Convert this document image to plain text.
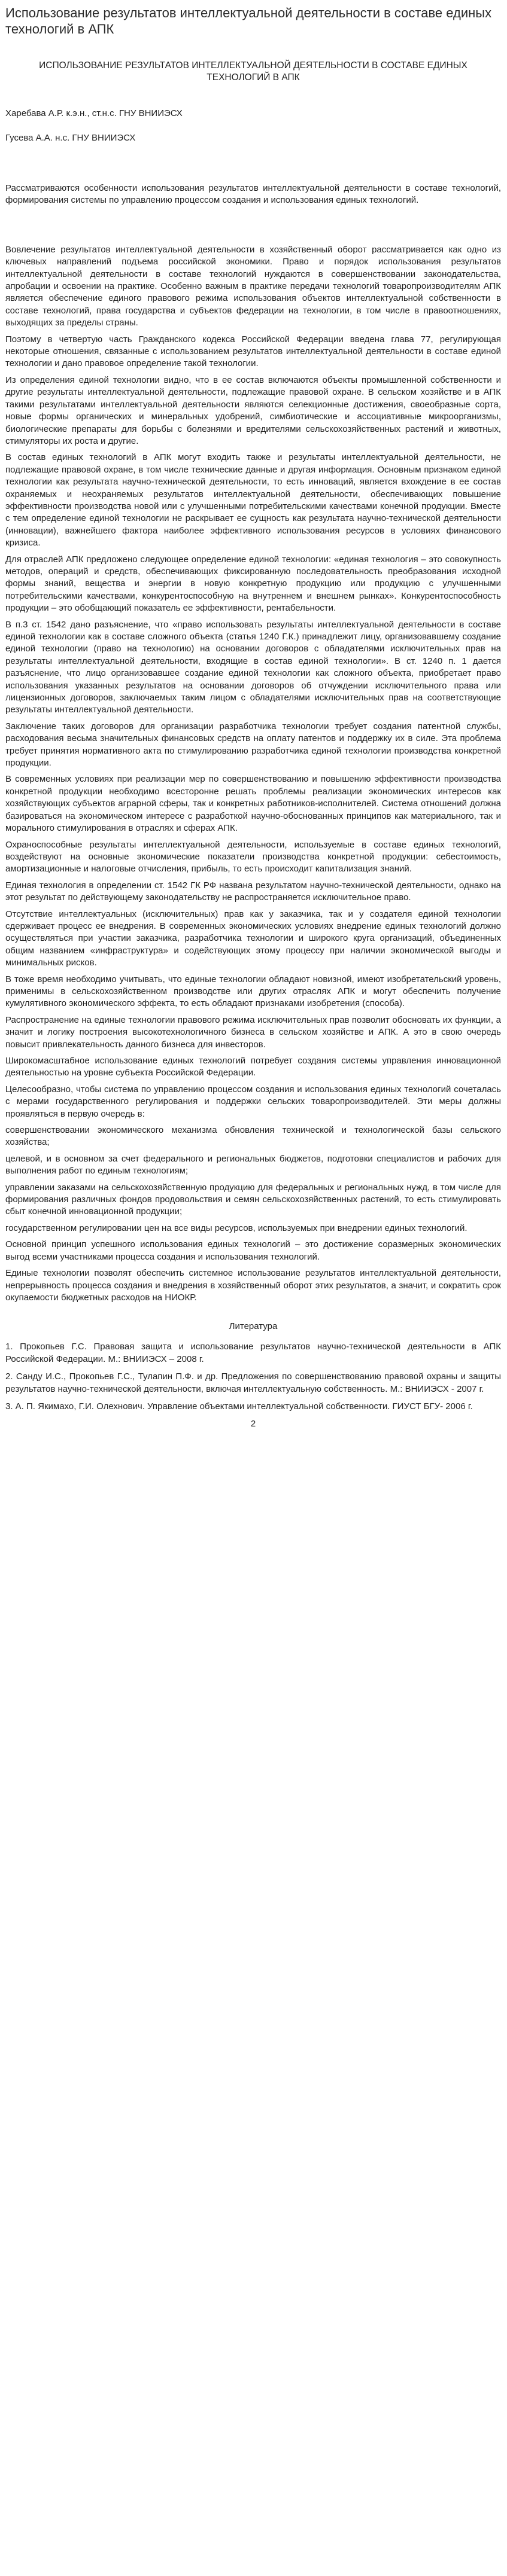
Использование результатов интеллектуальной деятельности в составе единых технологий в АПК
ИСПОЛЬЗОВАНИЕ РЕЗУЛЬТАТОВ ИНТЕЛЛЕКТУАЛЬНОЙ ДЕЯТЕЛЬНОСТИ В СОСТАВЕ ЕДИНЫХ ТЕХНОЛОГИЙ В АПК
Харебава А.Р. к.э.н., ст.н.с. ГНУ ВНИИЭСХ
Гусева А.А. н.с. ГНУ ВНИИЭСХ
Рассматриваются особенности использования результатов интеллектуальной деятельности в составе технологий, формирования системы по управлению процессом создания и использования единых технологий.
Вовлечение результатов интеллектуальной деятельности в хозяйственный оборот рассматривается как одно из ключевых направлений подъема российской экономики. Право и порядок использования результатов интеллектуальной деятельности в составе технологий нуждаются в совершенствовании законодательства, апробации и освоении на практике. Особенно важным в практике передачи технологий товаропроизводителям АПК является обеспечение единого правового режима использования объектов интеллектуальной собственности в составе технологий, права государства и субъектов федерации на технологии, в том числе в правоотношениях, выходящих за пределы страны.
Поэтому в четвертую часть Гражданского кодекса Российской Федерации введена глава 77, регулирующая некоторые отношения, связанные с использованием результатов интеллектуальной деятельности в составе единой технологии и дано правовое определение такой технологии.
Из определения единой технологии видно, что в ее состав включаются объекты промышленной собственности и другие результаты интеллектуальной деятельности, подлежащие правовой охране. В сельском хозяйстве и в АПК такими результатами интеллектуальной деятельности являются селекционные достижения, своеобразные сорта, новые формы органических и минеральных удобрений, симбиотические и ассоциативные микроорганизмы, биологические препараты для борьбы с болезнями и вредителями сельскохозяйственных растений и животных, стимуляторы их роста и другие.
В состав единых технологий в АПК могут входить также и результаты интеллектуальной деятельности, не подлежащие правовой охране, в том числе технические данные и другая информация. Основным признаком единой технологии как результата научно-технической деятельности, то есть инноваций, является вхождение в ее состав охраняемых и неохраняемых результатов интеллектуальной деятельности, обеспечивающих повышение эффективности производства новой или с улучшенными потребительскими качествами конечной продукции. Вместе с тем определение единой технологии не раскрывает ее сущность как результата научно-технической деятельности (инновации), важнейшего фактора наиболее эффективного использования ресурсов в условиях финансового кризиса.
Для отраслей АПК предложено следующее определение единой технологии: «единая технология – это совокупность методов, операций и средств, обеспечивающих фиксированную последовательность преобразования исходной формы знаний, вещества и энергии в новую конкретную продукцию или продукцию с улучшенными потребительскими качествами, конкурентоспособную на внутреннем и внешнем рынках». Конкурентоспособность продукции – это обобщающий показатель ее эффективности, рентабельности.
В п.3 ст. 1542 дано разъяснение, что «право использовать результаты интеллектуальной деятельности в составе единой технологии как в составе сложного объекта (статья 1240 Г.К.) принадлежит лицу, организовавшему создание единой технологии (право на технологию) на основании договоров с обладателями исключительных прав на результаты интеллектуальной деятельности, входящие в состав единой технологии». В ст. 1240 п. 1 дается разъяснение, что лицо организовавшее создание единой технологии как сложного объекта, приобретает право использования указанных результатов на основании договоров об отчуждении исключительного права или лицензионных договоров, заключаемых таким лицом с обладателями исключительных прав на соответствующие результаты интеллектуальной деятельности.
Заключение таких договоров для организации разработчика технологии требует создания патентной службы, расходования весьма значительных финансовых средств на оплату патентов и поддержку их в силе. Эта проблема требует принятия нормативного акта по стимулированию разработчика единой технологии производства конкретной продукции.
В современных условиях при реализации мер по совершенствованию и повышению эффективности производства конкретной продукции необходимо всесторонне решать проблемы реализации экономических интересов как хозяйствующих субъектов аграрной сферы, так и конкретных работников-исполнителей. Система отношений должна базироваться на экономическом интересе с разработкой научно-обоснованных принципов как материального, так и морального стимулирования в отраслях и сферах АПК.
Охраноспособные результаты интеллектуальной деятельности, используемые в составе единых технологий, воздействуют на основные экономические показатели производства конкретной продукции: себестоимость, амортизационные и налоговые отчисления, прибыль, то есть происходит капитализация знаний.
Единая технология в определении ст. 1542 ГК РФ названа результатом научно-технической деятельности, однако на этот результат по действующему законодательству не распространяется исключительное право.
Отсутствие интеллектуальных (исключительных) прав как у заказчика, так и у создателя единой технологии сдерживает процесс ее внедрения. В современных экономических условиях внедрение единых технологий должно осуществляться при участии заказчика, разработчика технологии и широкого круга организаций, объединенных общим названием «инфраструктура» и содействующих этому процессу при наличии экономической выгоды и минимальных рисков.
В тоже время необходимо учитывать, что единые технологии обладают новизной, имеют изобретательский уровень, применимы в сельскохозяйственном производстве или других отраслях АПК и могут обеспечить получение кумулятивного экономического эффекта, то есть обладают признаками изобретения (способа).
Распространение на единые технологии правового режима исключительных прав позволит обосновать их функции, а значит и логику построения высокотехнологичного бизнеса в сельском хозяйстве и АПК. А это в свою очередь повысит привлекательность данного бизнеса для инвесторов.
Широкомасштабное использование единых технологий потребует создания системы управления инновационной деятельностью на уровне субъекта Российской Федерации.
Целесообразно, чтобы система по управлению процессом создания и использования единых технологий сочеталась с мерами государственного регулирования и поддержки сельских товаропроизводителей. Эти меры должны проявляться в первую очередь в:
совершенствовании экономического механизма обновления технической и технологической базы сельского хозяйства;
целевой, и в основном за счет федерального и региональных бюджетов, подготовки специалистов и рабочих для выполнения работ по единым технологиям;
управлении заказами на сельскохозяйственную продукцию для федеральных и региональных нужд, в том числе для формирования различных фондов продовольствия и семян сельскохозяйственных растений, то есть стимулировать сбыт конечной инновационной продукции;
государственном регулировании цен на все виды ресурсов, используемых при внедрении единых технологий.
Основной принцип успешного использования единых технологий – это достижение соразмерных экономических выгод всеми участниками процесса создания и использования технологий.
Единые технологии позволят обеспечить системное использование результатов интеллектуальной деятельности, непрерывность процесса создания и внедрения в хозяйственный оборот этих результатов, а значит, и сократить срок окупаемости бюджетных расходов на НИОКР.
Литература
1. Прокопьев Г.С. Правовая защита и использование результатов научно-технической деятельности в АПК Российской Федерации. М.: ВНИИЭСХ – 2008 г.
2. Санду И.С., Прокопьев Г.С., Тулапин П.Ф. и др. Предложения по совершенствованию правовой охраны и защиты результатов научно-технической деятельности, включая интеллектуальную собственность. М.: ВНИИЭСХ - 2007 г.
3. А. П. Якимахо, Г.И. Олехнович. Управление объектами интеллектуальной собственности. ГИУСТ БГУ- 2006 г.
2
